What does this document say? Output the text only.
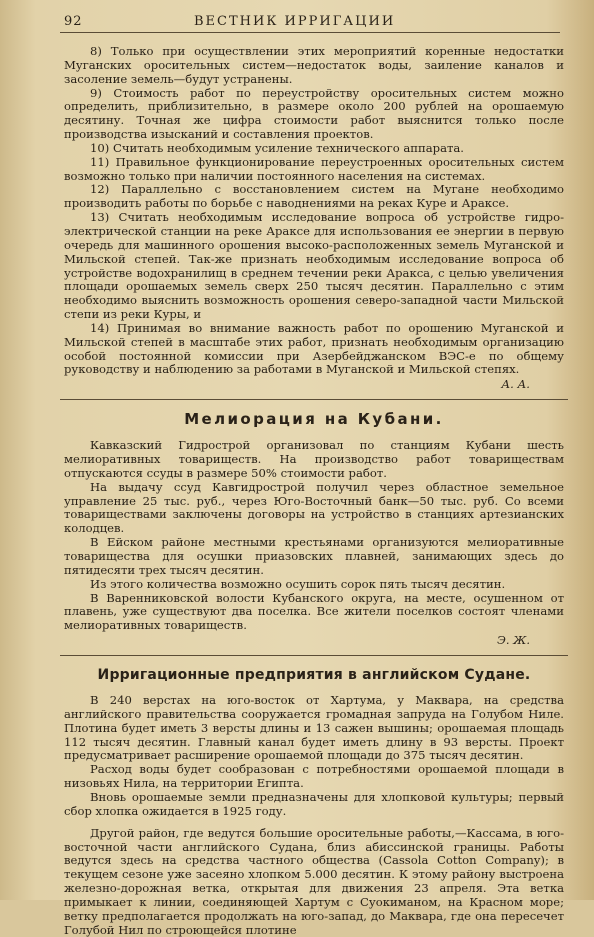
92	ВЕСТНИК ИРРИГАЦИИ

8) Только при осуществлении этих мероприятий коренные недостатки Муганских оросительных систем—недостаток воды, заиление каналов и засоление земель—будут устранены.

9) Стоимость работ по переустройству оросительных систем можно определить, приблизительно, в размере около 200 рублей на орошаемую десятину. Точная же цифра стоимости работ выяснится только после производства изысканий и составления проектов.

10) Считать необходимым усиление технического аппарата.

11) Правильное функционирование переустроенных оросительных систем возможно только при наличии постоянного населения на системах.

12) Параллельно с восстановлением систем на Мугане необходимо производить работы по борьбе с наводнениями на реках Куре и Араксе.

13) Считать необходимым исследование вопроса об устройстве гидро-электрической станции на реке Араксе для использования ее энергии в первую очередь для машинного орошения высоко-расположенных земель Муганской и Мильской степей. Так-же признать необходимым исследование вопроса об устройстве водохранилищ в среднем течении реки Аракса, с целью увеличения площади орошаемых земель сверх 250 тысяч десятин. Параллельно с этим необходимо выяснить возможность орошения северо-западной части Мильской степи из реки Куры, и

14) Принимая во внимание важность работ по орошению Муганской и Мильской степей в масштабе этих работ, признать необходимым организацию особой постоянной комиссии при Азербейджанском ВЭС-е по общему руководству и наблюдению за работами в Муганской и Мильской степях.

А. А.
Мелиорация на Кубани.

Кавказский Гидрострой организовал по станциям Кубани шесть мелиоративных товариществ. На производство работ товариществам отпускаются ссуды в размере 50% стоимости работ.

На выдачу ссуд Кавгидрострой получил через областное земельное управление 25 тыс. руб., через Юго-Восточный банк—50 тыс. руб. Со всеми товариществами заключены договоры на устройство в станциях артезианских колодцев.

В Ейском районе местными крестьянами организуются мелиоративные товарищества для осушки приазовских плавней, занимающих здесь до пятидесяти трех тысяч десятин.

Из этого количества возможно осушить сорок пять тысяч десятин.

В Варенниковской волости Кубанского округа, на месте, осушенном от плавень, уже существуют два поселка. Все жители поселков состоят членами мелиоративных товариществ.

Э. Ж.
Ирригационные предприятия в английском Судане.

В 240 верстах на юго-восток от Хартума, у Маквара, на средства английского правительства сооружается громадная запруда на Голубом Ниле. Плотина будет иметь 3 версты длины и 13 сажен вышины; орошаемая площадь 112 тысяч десятин. Главный канал будет иметь длину в 93 версты. Проект предусматривает расширение орошаемой площади до 375 тысяч десятин.

Расход воды будет сообразован с потребностями орошаемой площади в низовьях Нила, на территории Египта.

Вновь орошаемые земли предназначены для хлопковой культуры; первый сбор хлопка ожидается в 1925 году.

Другой район, где ведутся большие оросительные работы,—Кассама, в юго-восточной части английского Судана, близ абиссинской границы. Работы ведутся здесь на средства частного общества (Cassola Cotton Company); в текущем сезоне уже засеяно хлопком 5.000 десятин. К этому району выстроена железно-дорожная ветка, открытая для движения 23 апреля. Эта ветка примыкает к линии, соединяющей Хартум с Суокиманом, на Красном море; ветку предполагается продолжать на юго-запад, до Маквара, где она пересечет Голубой Нил по строющейся плотине
